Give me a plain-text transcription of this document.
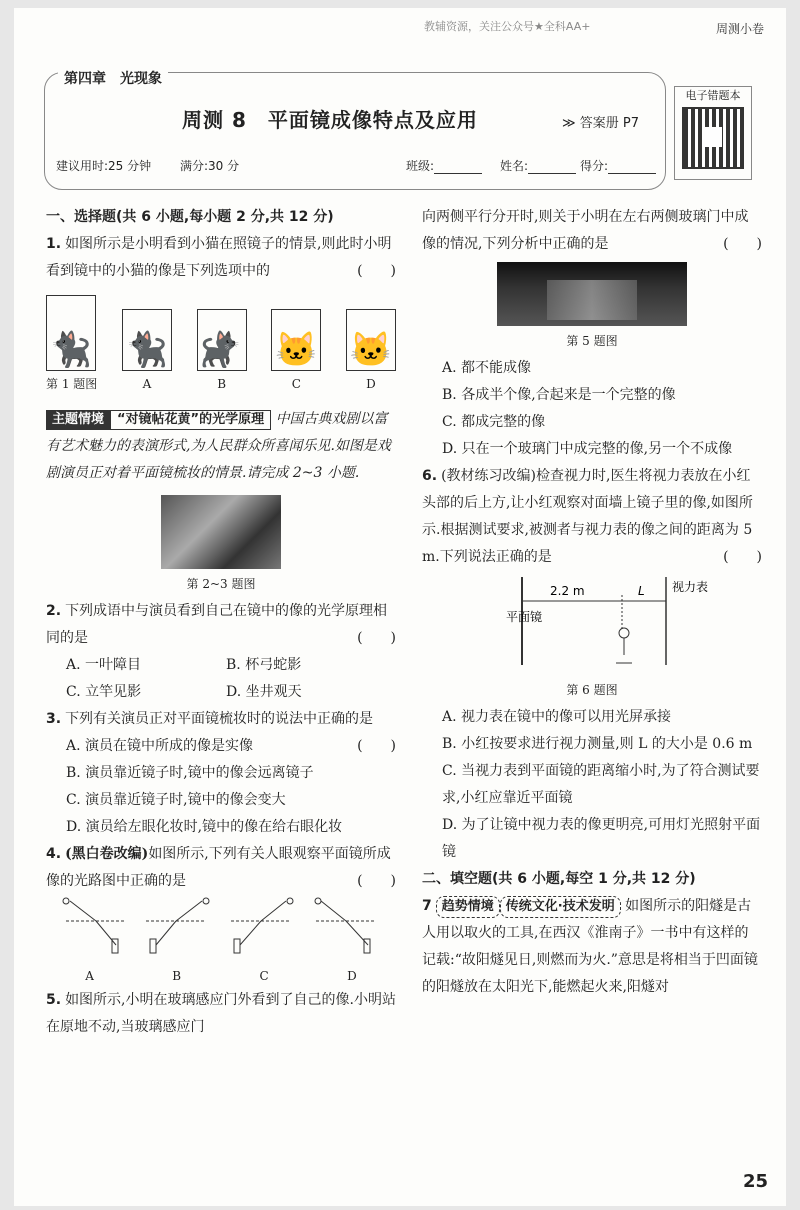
教辅资源，关注公众号★全科AA+	周测小卷
第四章　光现象
周测 8　平面镜成像特点及应用	≫ 答案册 P7
建议用时:25 分钟 满分:30 分	班级:	姓名:	得分:
电子错题本
一、选择题(共 6 小题,每小题 2 分,共 12 分)
1. 如图所示是小明看到小猫在照镜子的情景,则此时小明看到镜中的小猫的像是下列选项中的	(　　)
🐈‍⬛
第 1 题图
🐈‍⬛
A
🐈‍⬛
B
🐱
C
🐱
D
主题情境 “对镜帖花黄”的光学原理 中国古典戏剧以富有艺术魅力的表演形式,为人民群众所喜闻乐见.如图是戏剧演员正对着平面镜梳妆的情景.请完成 2~3 小题.
第 2~3 题图
2. 下列成语中与演员看到自己在镜中的像的光学原理相同的是	(　　)
A. 一叶障目	B. 杯弓蛇影
C. 立竿见影	D. 坐井观天
3. 下列有关演员正对平面镜梳妆时的说法中正确的是
(　　)
A. 演员在镜中所成的像是实像
B. 演员靠近镜子时,镜中的像会远离镜子
C. 演员靠近镜子时,镜中的像会变大
D. 演员给左眼化妆时,镜中的像在给右眼化妆
4. (黑白卷改编)如图所示,下列有关人眼观察平面镜所成像的光路图中正确的是	(　　)
A	B	C	D
5. 如图所示,小明在玻璃感应门外看到了自己的像.小明站在原地不动,当玻璃感应门
向两侧平行分开时,则关于小明在左右两侧玻璃门中成像的情况,下列分析中正确的是	(　　)
第 5 题图
A. 都不能成像
B. 各成半个像,合起来是一个完整的像
C. 都成完整的像
D. 只在一个玻璃门中成完整的像,另一个不成像
6. (教材练习改编)检查视力时,医生将视力表放在小红头部的后上方,让小红观察对面墙上镜子里的像,如图所示.根据测试要求,被测者与视力表的像之间的距离为 5 m.下列说法正确的是	(　　)
2.2 m	L
平面镜
视力表
第 6 题图
A. 视力表在镜中的像可以用光屏承接
B. 小红按要求进行视力测量,则 L 的大小是 0.6 m
C. 当视力表到平面镜的距离缩小时,为了符合测试要求,小红应靠近平面镜
D. 为了让镜中视力表的像更明亮,可用灯光照射平面镜
二、填空题(共 6 小题,每空 1 分,共 12 分)
7 趋势情境 传统文化·技术发明 如图所示的阳燧是古人用以取火的工具,在西汉《淮南子》一书中有这样的记载:“故阳燧见日,则燃而为火.”意思是将相当于凹面镜的阳燧放在太阳光下,能燃起火来,阳燧对
25
